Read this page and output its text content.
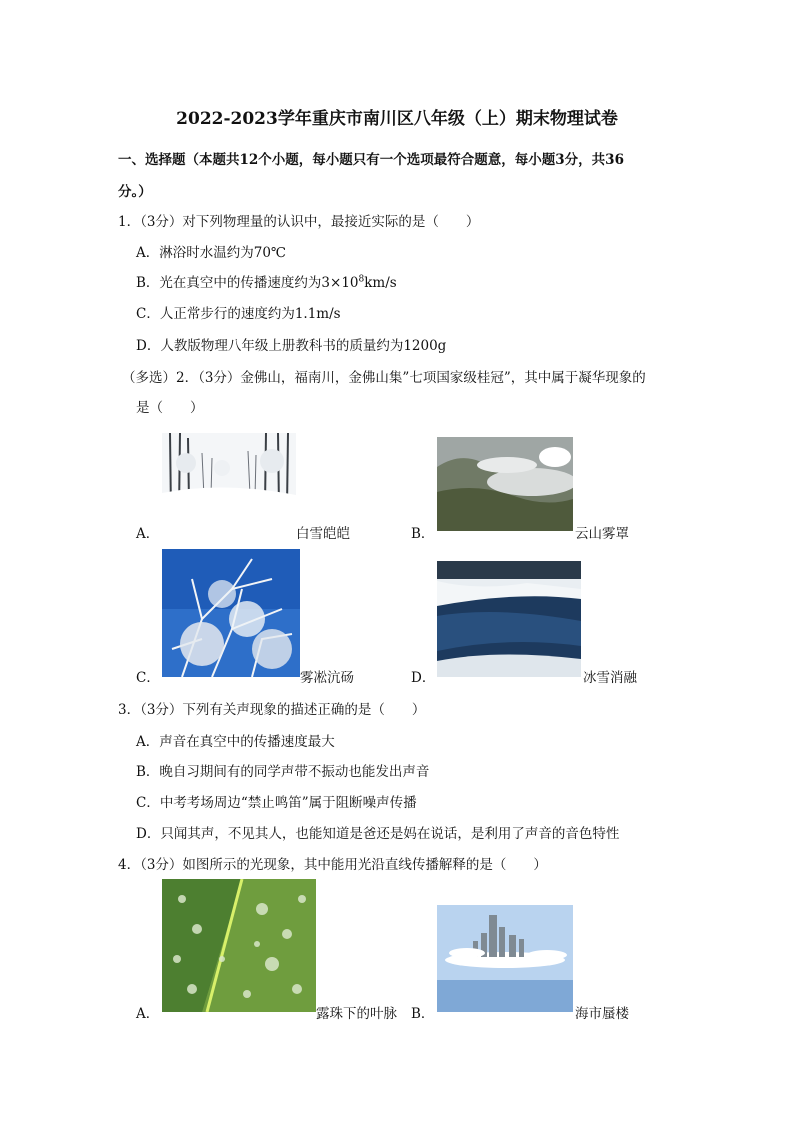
2022-2023学年重庆市南川区八年级（上）期末物理试卷
一、选择题（本题共12个小题，每小题只有一个选项最符合题意，每小题3分，共36
分。）
1．（3分）对下列物理量的认识中，最接近实际的是（　　）
A．淋浴时水温约为70℃
B．光在真空中的传播速度约为$3\times 10^8km/s$
C．人正常步行的速度约为1.1m/s
D．人教版物理八年级上册教科书的质量约为1200g
（多选）2．（3分）金佛山，福南川，金佛山集”七项国家级桂冠”，其中属于凝华现象的
是（　　）
A．	白雪皑皑	B．	云山雾罩
C．	雾凇沆砀	D．	冰雪消融
3．（3分）下列有关声现象的描述正确的是（　　）
A．声音在真空中的传播速度最大
B．晚自习期间有的同学声带不振动也能发出声音
C．中考考场周边“禁止鸣笛”属于阻断噪声传播
D．只闻其声，不见其人，也能知道是爸还是妈在说话，是利用了声音的音色特性
4．（3分）如图所示的光现象，其中能用光沿直线传播解释的是（　　）
A．	露珠下的叶脉 B．	海市蜃楼
